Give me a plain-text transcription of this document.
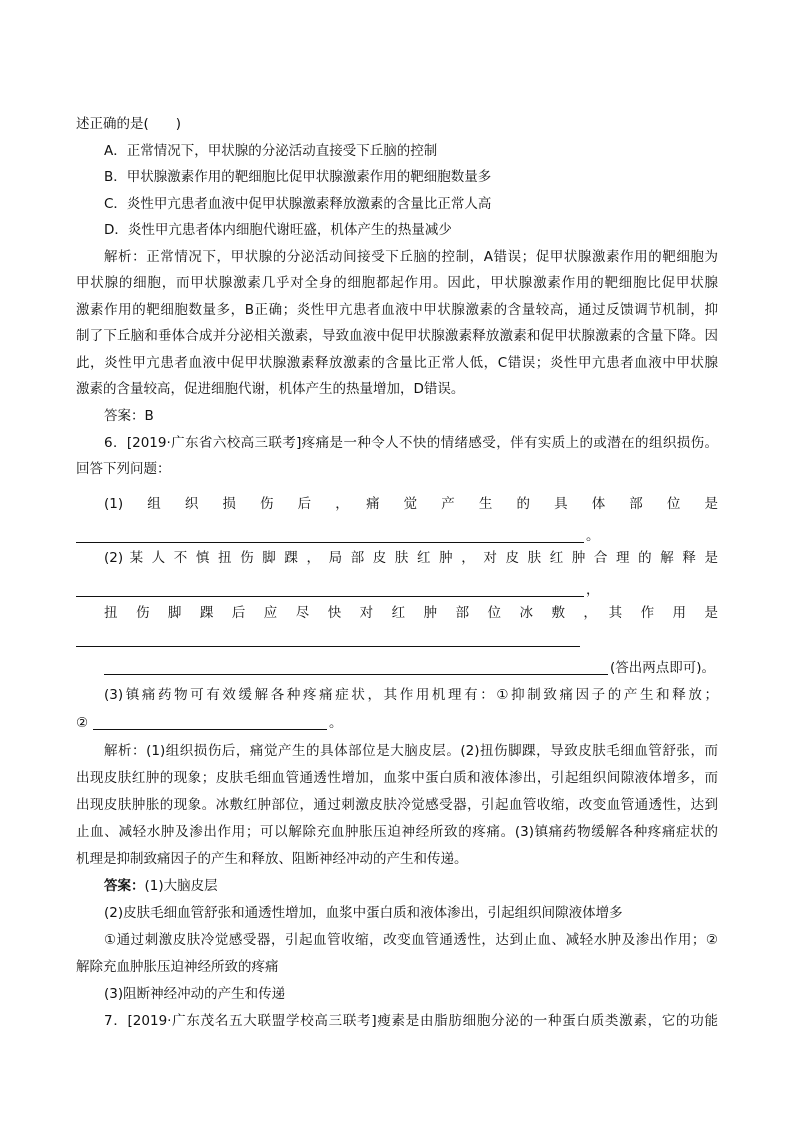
述正确的是(　　)
A．正常情况下，甲状腺的分泌活动直接受下丘脑的控制
B．甲状腺激素作用的靶细胞比促甲状腺激素作用的靶细胞数量多
C．炎性甲亢患者血液中促甲状腺激素释放激素的含量比正常人高
D．炎性甲亢患者体内细胞代谢旺盛，机体产生的热量减少
解析：正常情况下，甲状腺的分泌活动间接受下丘脑的控制，A错误；促甲状腺激素作用的靶细胞为
甲状腺的细胞，而甲状腺激素几乎对全身的细胞都起作用。因此，甲状腺激素作用的靶细胞比促甲状腺
激素作用的靶细胞数量多，B正确；炎性甲亢患者血液中甲状腺激素的含量较高，通过反馈调节机制，抑
制了下丘脑和垂体合成并分泌相关激素，导致血液中促甲状腺激素释放激素和促甲状腺激素的含量下降。因
此，炎性甲亢患者血液中促甲状腺激素释放激素的含量比正常人低，C错误；炎性甲亢患者血液中甲状腺
激素的含量较高，促进细胞代谢，机体产生的热量增加，D错误。
答案：B
6．[2019·广东省六校高三联考]疼痛是一种令人不快的情绪感受，伴有实质上的或潜在的组织损伤。
回答下列问题：
(1)　组　织　损　伤　后　，　痛　觉　产　生　的　具　体　部　位　是
。
(2) 某 人 不 慎 扭 伤 脚 踝 ， 局 部 皮 肤 红 肿 ， 对 皮 肤 红 肿 合 理 的 解 释 是
，
扭　伤　脚　踝　后　应　尽　快　对　红　肿　部　位　冰　敷　，　其　作　用　是
(答出两点即可)。
(3)镇痛药物可有效缓解各种疼痛症状，其作用机理有：①抑制致痛因子的产生和释放；
②	。
解析：(1)组织损伤后，痛觉产生的具体部位是大脑皮层。(2)扭伤脚踝，导致皮肤毛细血管舒张，而
出现皮肤红肿的现象；皮肤毛细血管通透性增加，血浆中蛋白质和液体渗出，引起组织间隙液体增多，而
出现皮肤肿胀的现象。冰敷红肿部位，通过刺激皮肤冷觉感受器，引起血管收缩，改变血管通透性，达到
止血、减轻水肿及渗出作用；可以解除充血肿胀压迫神经所致的疼痛。(3)镇痛药物缓解各种疼痛症状的
机理是抑制致痛因子的产生和释放、阻断神经冲动的产生和传递。
答案：(1)大脑皮层
(2)皮肤毛细血管舒张和通透性增加，血浆中蛋白质和液体渗出，引起组织间隙液体增多
①通过刺激皮肤冷觉感受器，引起血管收缩，改变血管通透性，达到止血、减轻水肿及渗出作用；②
解除充血肿胀压迫神经所致的疼痛
(3)阻断神经冲动的产生和传递
7．[2019·广东茂名五大联盟学校高三联考]瘦素是由脂肪细胞分泌的一种蛋白质类激素，它的功能
